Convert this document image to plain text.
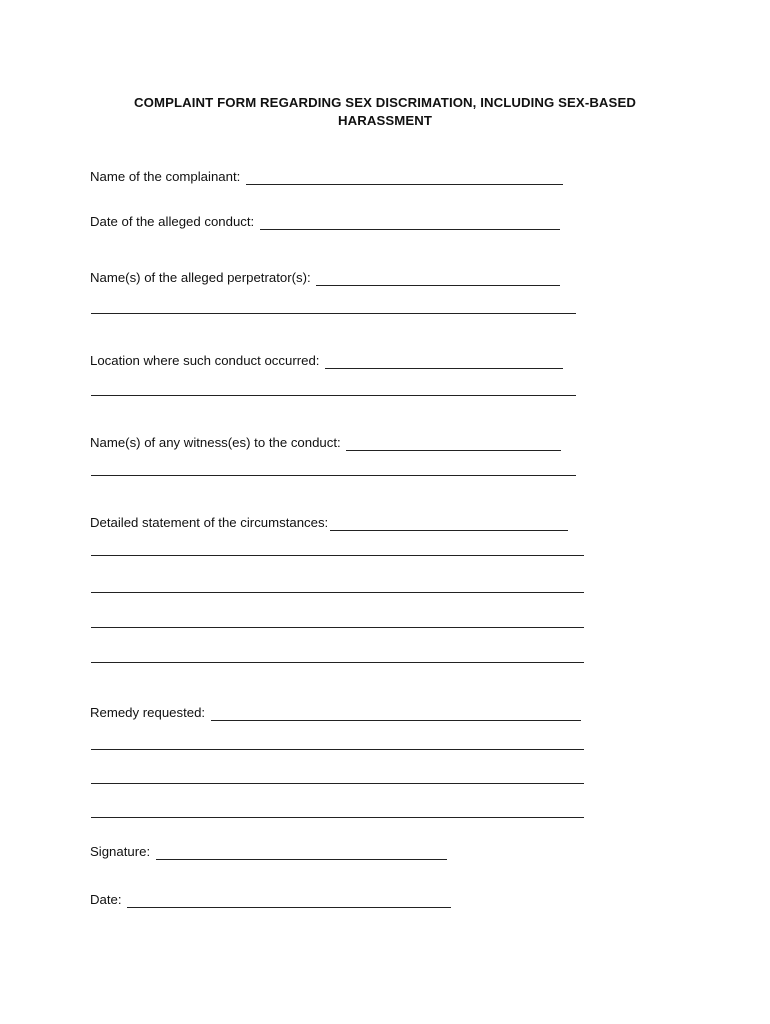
COMPLAINT FORM REGARDING SEX DISCRIMATION, INCLUDING SEX-BASED
HARASSMENT
Name of the complainant:
Date of the alleged conduct:
Name(s) of the alleged perpetrator(s):
Location where such conduct occurred:
Name(s) of any witness(es) to the conduct:
Detailed statement of the circumstances:
Remedy requested:
Signature:
Date:
